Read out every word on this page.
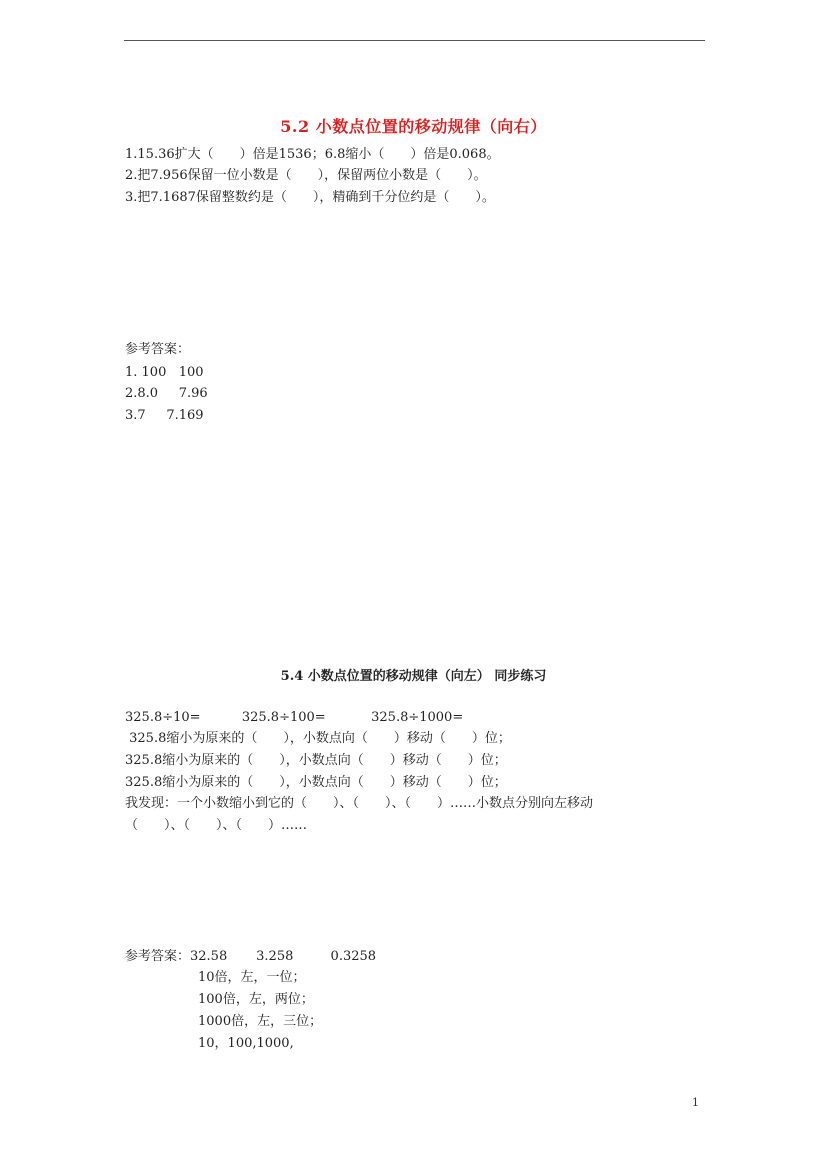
5.2 小数点位置的移动规律（向右）
1.15.36扩大（　　）倍是1536；6.8缩小（　　）倍是0.068。
2.把7.956保留一位小数是（　　），保留两位小数是（　　）。
3.把7.1687保留整数约是（　　），精确到千分位约是（　　）。
参考答案：
1. 100   100
2.8.0     7.96
3.7     7.169
5.4 小数点位置的移动规律（向左） 同步练习
325.8÷10=          325.8÷100=           325.8÷1000=
325.8缩小为原来的（　　），小数点向（　　）移动（　　）位；
325.8缩小为原来的（　　），小数点向（　　）移动（　　）位；
325.8缩小为原来的（　　），小数点向（　　）移动（　　）位；
我发现：一个小数缩小到它的（　　）、（　　）、（　　）……小数点分别向左移动
（　　）、（　　）、（　　）……
参考答案：32.58       3.258         0.3258
10倍，左，一位；
100倍，左，两位；
1000倍，左，三位；
10，100,1000,
1
